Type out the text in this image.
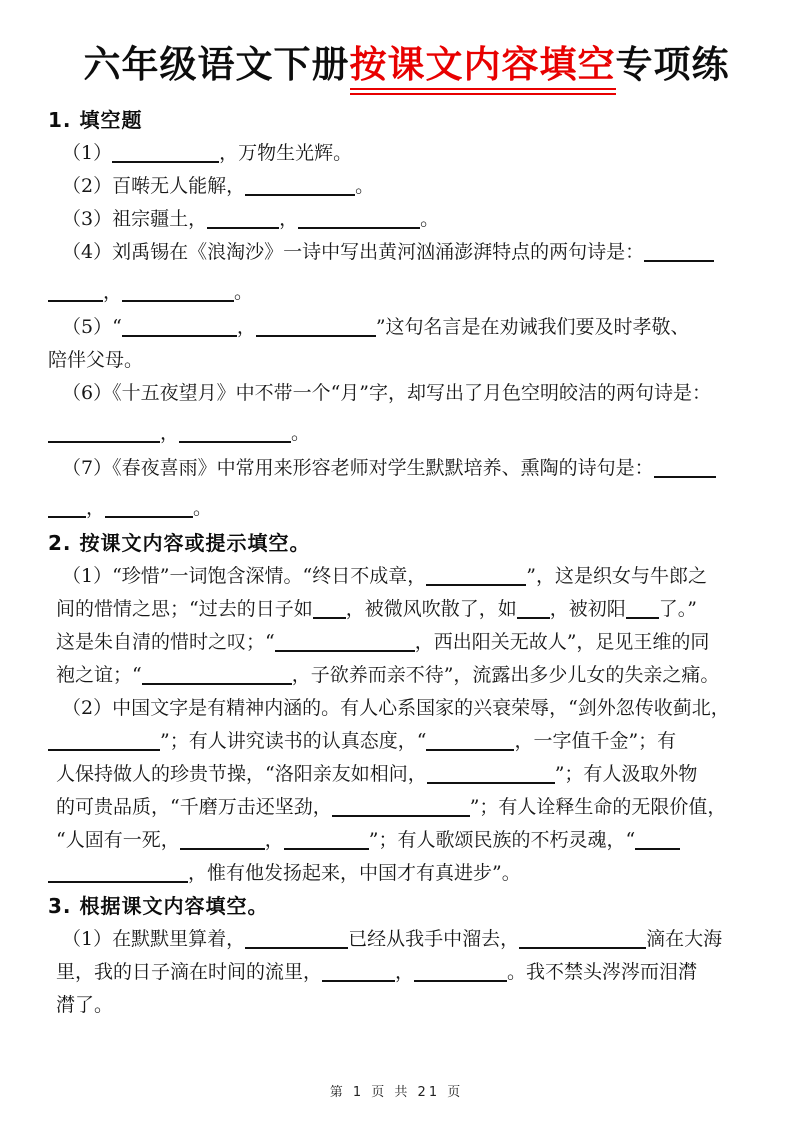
六年级语文下册按课文内容填空专项练
1. 填空题
（1）	，万物生光辉。
（2）百啭无人能解，	。
（3）祖宗疆土，	，	。
（4）刘禹锡在《浪淘沙》一诗中写出黄河汹涌澎湃特点的两句诗是：
，	。
（5）“	，	”这句名言是在劝诫我们要及时孝敬、
陪伴父母。
（6）《十五夜望月》中不带一个“月”字，却写出了月色空明皎洁的两句诗是：
，	。
（7）《春夜喜雨》中常用来形容老师对学生默默培养、熏陶的诗句是：
，	。
2. 按课文内容或提示填空。
（1）“珍惜”一词饱含深情。“终日不成章，	”，这是织女与牛郎之
间的惜情之思；“过去的日子如 ，被微风吹散了，如 ，被初阳 了。”
这是朱自清的惜时之叹；“	，西出阳关无故人”，足见王维的同
袍之谊；“	，子欲养而亲不待”，流露出多少儿女的失亲之痛。
（2）中国文字是有精神内涵的。有人心系国家的兴衰荣辱，“剑外忽传收蓟北，
”；有人讲究读书的认真态度，“	，一字值千金”；有
人保持做人的珍贵节操，“洛阳亲友如相问，	”；有人汲取外物
的可贵品质，“千磨万击还坚劲，	”；有人诠释生命的无限价值，
“人固有一死，	，	”；有人歌颂民族的不朽灵魂，“
，惟有他发扬起来，中国才有真进步”。
3. 根据课文内容填空。
（1）在默默里算着，	已经从我手中溜去，	滴在大海
里，我的日子滴在时间的流里，	，	。我不禁头涔涔而泪潸
潸了。
第 1 页 共 21 页
